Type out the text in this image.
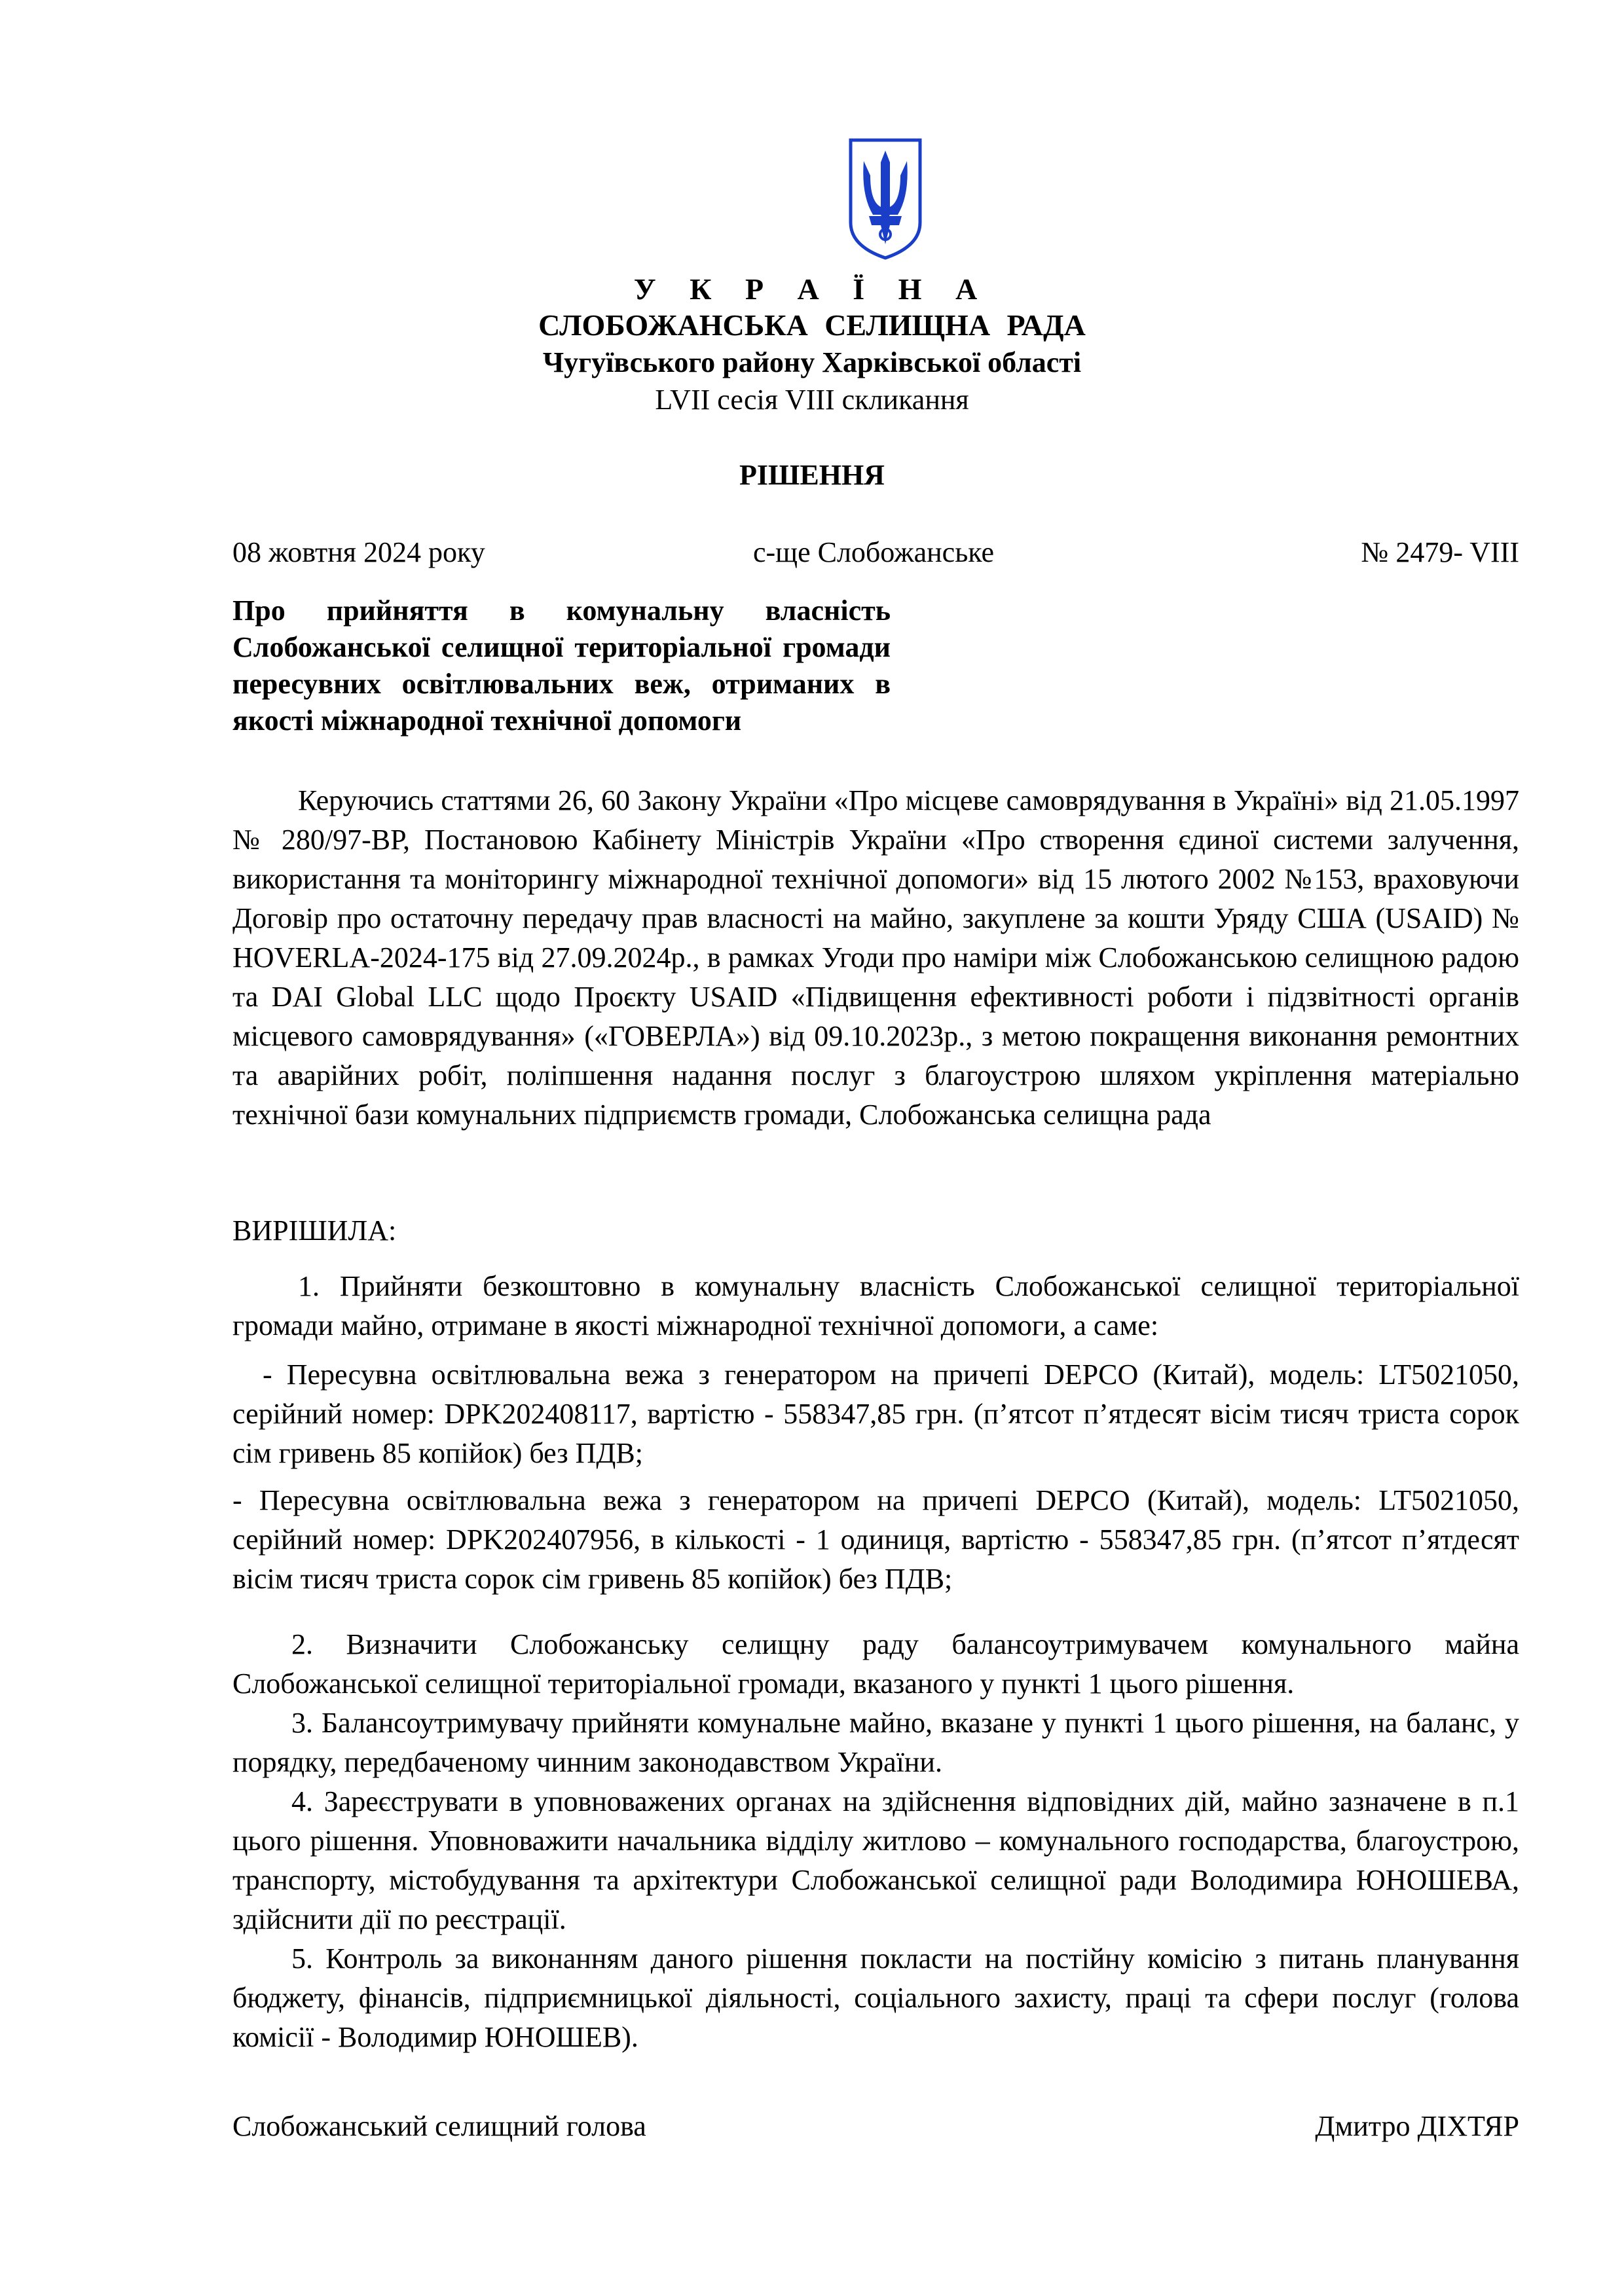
У К Р А Ї Н А
СЛОБОЖАНСЬКА СЕЛИЩНА РАДА
Чугуївського району Харківської області
LVII сесія VIII скликання
РІШЕННЯ
08 жовтня 2024 року	с-ще Слобожанське	№ 2479- VIII
Про прийняття в комунальну власність Слобожанської селищної територіальної громади пересувних освітлювальних веж, отриманих в якості міжнародної технічної допомоги
Керуючись статтями 26, 60 Закону України «Про місцеве самоврядування в Україні» від 21.05.1997 № 280/97-ВР, Постановою Кабінету Міністрів України «Про створення єдиної системи залучення, використання та моніторингу міжнародної технічної допомоги» від 15 лютого 2002 №153, враховуючи Договір про остаточну передачу прав власності на майно, закуплене за кошти Уряду США (USAID) № HOVERLA-2024-175 від 27.09.2024р., в рамках Угоди про наміри між Слобожанською селищною радою та DAI Global LLC щодо Проєкту USAID «Підвищення ефективності роботи і підзвітності органів місцевого самоврядування» («ГОВЕРЛА») від 09.10.2023р., з метою покращення виконання ремонтних та аварійних робіт, поліпшення надання послуг з благоустрою шляхом укріплення матеріально технічної бази комунальних підприємств громади, Слобожанська селищна рада
ВИРІШИЛА:
1. Прийняти безкоштовно в комунальну власність Слобожанської селищної територіальної громади майно, отримане в якості міжнародної технічної допомоги, а саме:
- Пересувна освітлювальна вежа з генератором на причепі DEPCO (Китай), модель: LT5021050, серійний номер: DPK202408117, вартістю - 558347,85 грн. (п’ятсот п’ятдесят вісім тисяч триста сорок сім гривень 85 копійок) без ПДВ;
- Пересувна освітлювальна вежа з генератором на причепі DEPCO (Китай), модель: LT5021050, серійний номер: DPK202407956, в кількості - 1 одиниця, вартістю - 558347,85 грн. (п’ятсот п’ятдесят вісім тисяч триста сорок сім гривень 85 копійок) без ПДВ;

2. Визначити Слобожанську селищну раду балансоутримувачем комунального майна Слобожанської селищної територіальної громади, вказаного у пункті 1 цього рішення.

3. Балансоутримувачу прийняти комунальне майно, вказане у пункті 1 цього рішення, на баланс, у порядку, передбаченому чинним законодавством України.

4. Зареєструвати в уповноважених органах на здійснення відповідних дій, майно зазначене в п.1 цього рішення. Уповноважити начальника відділу житлово – комунального господарства, благоустрою, транспорту, містобудування та архітектури Слобожанської селищної ради Володимира ЮНОШЕВА, здійснити дії по реєстрації.

5. Контроль за виконанням даного рішення покласти на постійну комісію з питань планування бюджету, фінансів, підприємницької діяльності, соціального захисту, праці та сфери послуг (голова комісії - Володимир ЮНОШЕВ).

Слобожанський селищний голова	Дмитро ДІХТЯР
